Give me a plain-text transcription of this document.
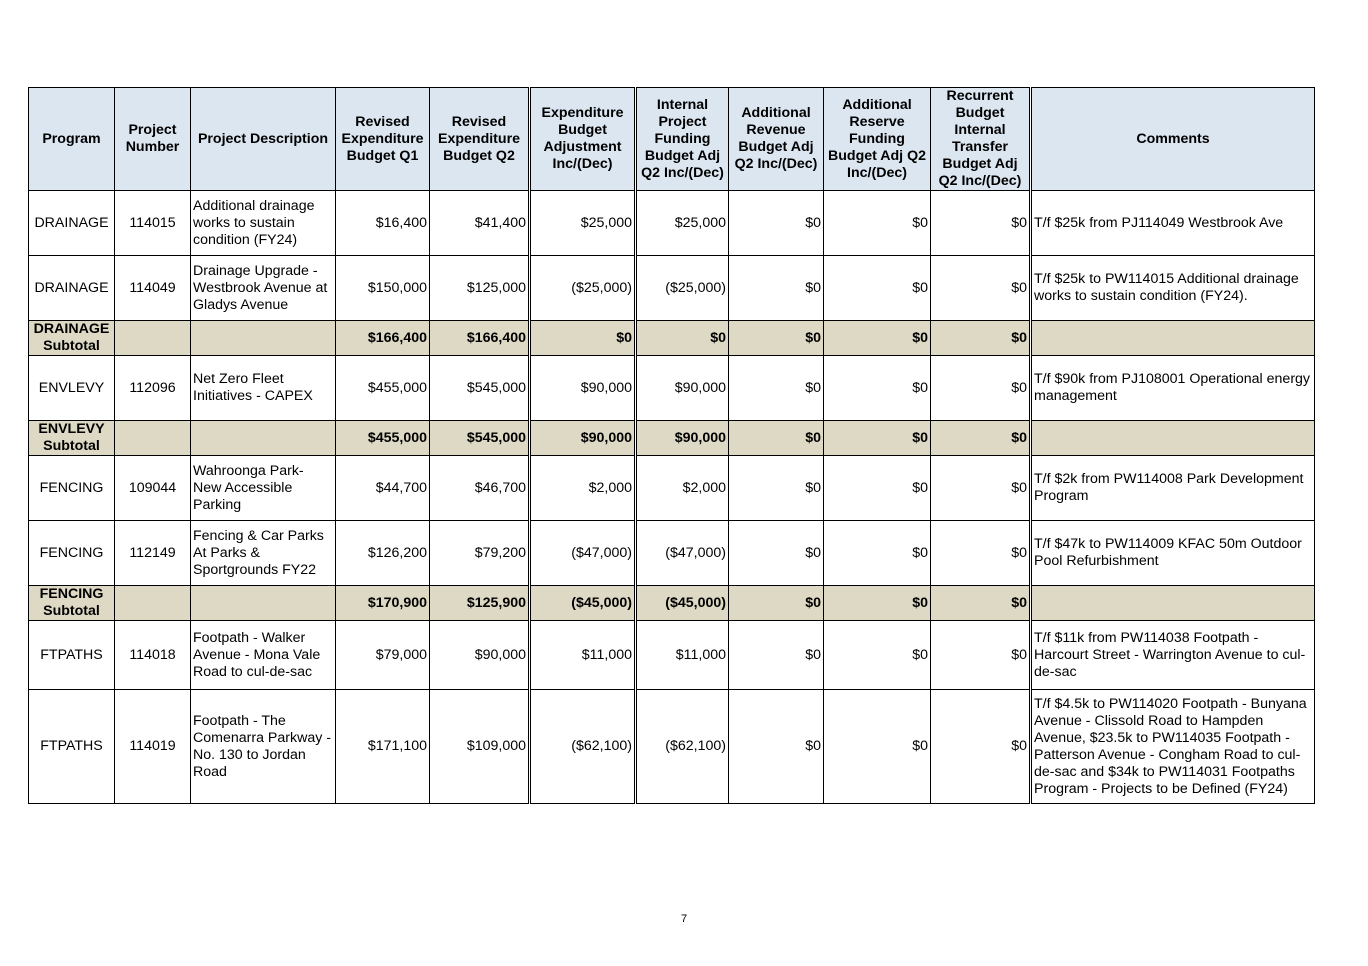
Program	Project Number	Project Description	Revised Expenditure Budget Q1	Revised Expenditure Budget Q2	Expenditure Budget Adjustment Inc/(Dec)	Internal Project Funding Budget Adj Q2 Inc/(Dec)	Additional Revenue Budget Adj Q2 Inc/(Dec)	Additional Reserve Funding Budget Adj Q2 Inc/(Dec)	Recurrent Budget Internal Transfer Budget Adj Q2 Inc/(Dec)	Comments
DRAINAGE	114015	Additional drainage works to sustain condition (FY24)	$16,400	$41,400	$25,000	$25,000	$0	$0	$0	T/f $25k from PJ114049 Westbrook Ave
DRAINAGE	114049	Drainage Upgrade - Westbrook Avenue at Gladys Avenue	$150,000	$125,000	($25,000)	($25,000)	$0	$0	$0	T/f $25k to PW114015 Additional drainage works to sustain condition (FY24).
DRAINAGE Subtotal			$166,400	$166,400	$0	$0	$0	$0	$0	
ENVLEVY	112096	Net Zero Fleet Initiatives - CAPEX	$455,000	$545,000	$90,000	$90,000	$0	$0	$0	T/f $90k from PJ108001 Operational energy management
ENVLEVY Subtotal			$455,000	$545,000	$90,000	$90,000	$0	$0	$0	
FENCING	109044	Wahroonga Park- New Accessible Parking	$44,700	$46,700	$2,000	$2,000	$0	$0	$0	T/f $2k from PW114008 Park Development Program
FENCING	112149	Fencing & Car Parks At Parks & Sportgrounds FY22	$126,200	$79,200	($47,000)	($47,000)	$0	$0	$0	T/f $47k to PW114009 KFAC 50m Outdoor Pool Refurbishment
FENCING Subtotal			$170,900	$125,900	($45,000)	($45,000)	$0	$0	$0	
FTPATHS	114018	Footpath - Walker Avenue - Mona Vale Road to cul-de-sac	$79,000	$90,000	$11,000	$11,000	$0	$0	$0	T/f $11k from PW114038 Footpath - Harcourt Street - Warrington Avenue to cul-de-sac
FTPATHS	114019	Footpath - The Comenarra Parkway - No. 130 to Jordan Road	$171,100	$109,000	($62,100)	($62,100)	$0	$0	$0	T/f $4.5k to PW114020 Footpath - Bunyana Avenue - Clissold Road to Hampden Avenue, $23.5k to PW114035 Footpath - Patterson Avenue - Congham Road to cul-de-sac and $34k to PW114031 Footpaths Program - Projects to be Defined (FY24)
7
